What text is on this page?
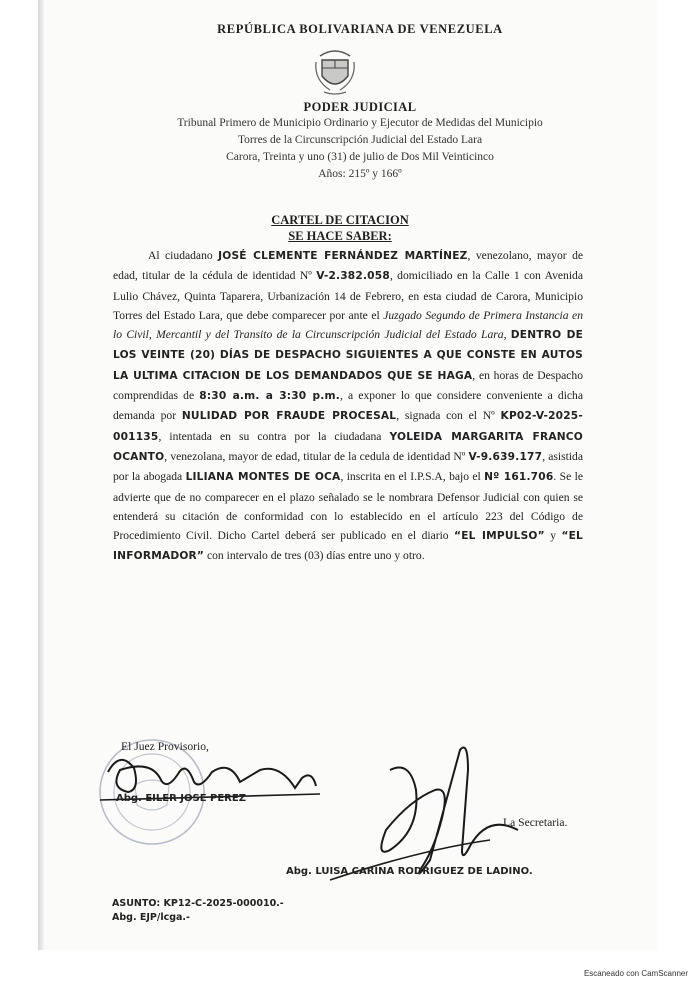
REPÚBLICA BOLIVARIANA DE VENEZUELA
PODER JUDICIAL
Tribunal Primero de Municipio Ordinario y Ejecutor de Medidas del Municipio
Torres de la Circunscripción Judicial del Estado Lara
Carora, Treinta y uno (31) de julio de Dos Mil Veinticinco
Años: 215º y 166º
CARTEL DE CITACION
SE HACE SABER:

Al ciudadano JOSÉ CLEMENTE FERNÁNDEZ MARTÍNEZ, venezolano, mayor de edad, titular de la cédula de identidad Nº V-2.382.058, domiciliado en la Calle 1 con Avenida Lulio Chávez, Quinta Taparera, Urbanización 14 de Febrero, en esta ciudad de Carora, Municipio Torres del Estado Lara, que debe comparecer por ante el Juzgado Segundo de Primera Instancia en lo Civil, Mercantil y del Transito de la Circunscripción Judicial del Estado Lara, DENTRO DE LOS VEINTE (20) DÍAS DE DESPACHO SIGUIENTES A QUE CONSTE EN AUTOS LA ULTIMA CITACION DE LOS DEMANDADOS QUE SE HAGA, en horas de Despacho comprendidas de 8:30 a.m. a 3:30 p.m., a exponer lo que considere conveniente a dicha demanda por NULIDAD POR FRAUDE PROCESAL, signada con el Nº KP02-V-2025-001135, intentada en su contra por la ciudadana YOLEIDA MARGARITA FRANCO OCANTO, venezolana, mayor de edad, titular de la cedula de identidad Nº V-9.639.177, asistida por la abogada LILIANA MONTES DE OCA, inscrita en el I.P.S.A, bajo el Nº 161.706. Se le advierte que de no comparecer en el plazo señalado se le nombrara Defensor Judicial con quien se entenderá su citación de conformidad con lo establecido en el artículo 223 del Código de Procedimiento Civil. Dicho Cartel deberá ser publicado en el diario “EL IMPULSO” y “EL INFORMADOR” con intervalo de tres (03) días entre uno y otro.

El Juez Provisorio,
Abg. EILER JOSE PEREZ
La Secretaria.
Abg. LUISA CARINA RODRIGUEZ DE LADINO.
ASUNTO: KP12-C-2025-000010.-
Abg. EJP/lcga.-
Escaneado con CamScanner
